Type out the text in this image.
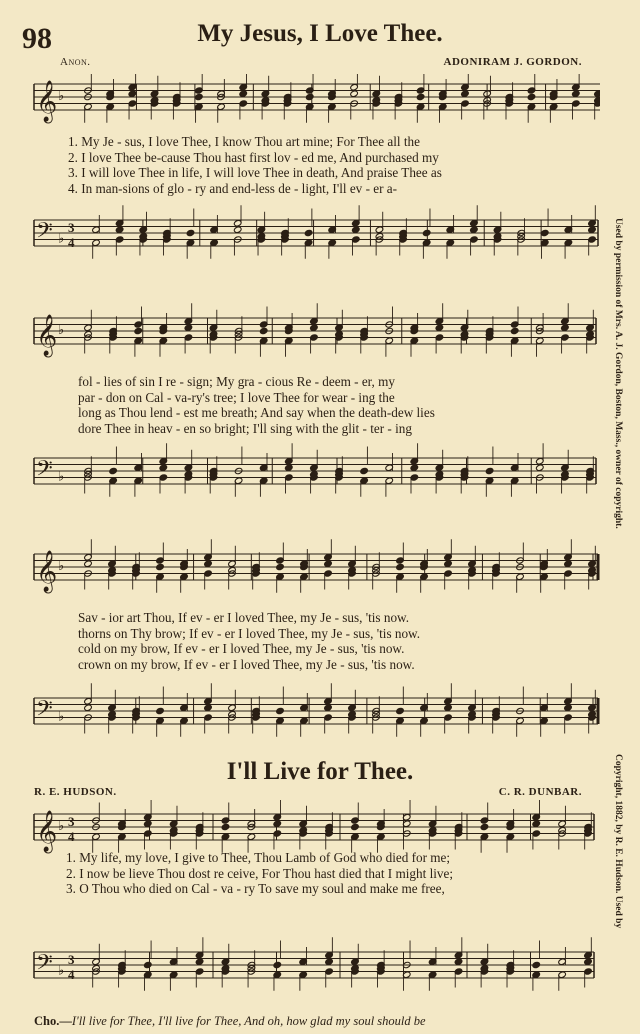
98	My Jesus, I Love Thee.
Anon.	ADONIRAM J. GORDON.
𝄞 ♭
1. My Je - sus, I love Thee, I know Thou art mine; For Thee all the
2. I love Thee be-cause Thou hast first lov - ed me, And purchased my
3. I will love Thee in life, I will love Thee in death, And praise Thee as
4. In man-sions of glo - ry and end-less de - light, I'll ev - er a-
𝄢 ♭
3
4
𝄞 ♭
fol - lies of sin I re - sign; My gra - cious Re - deem - er, my
par - don on Cal - va-ry's tree; I love Thee for wear - ing the
long as Thou lend - est me breath; And say when the death-dew lies
dore Thee in heav - en so bright; I'll sing with the glit - ter - ing
𝄢 ♭
𝄞 ♭
Sav - ior art Thou, If ev - er I loved Thee, my Je - sus, 'tis now.
thorns on Thy brow; If ev - er I loved Thee, my Je - sus, 'tis now.
cold on my brow, If ev - er I loved Thee, my Je - sus, 'tis now.
crown on my brow, If ev - er I loved Thee, my Je - sus, 'tis now.
𝄢 ♭
I'll Live for Thee.
R. E. HUDSON.	C. R. DUNBAR.
𝄞 ♭ 3
4
1. My life, my love, I give to Thee, Thou Lamb of God who died for me;
2. I now be lieve Thou dost re ceive, For Thou hast died that I might live;
3. O Thou who died on Cal - va - ry To save my soul and make me free,
𝄢 ♭
3
4
Cho.—I'll live for Thee, I'll live for Thee, And oh, how glad my soul should be
Used by permission of Mrs. A. J. Gordon, Boston, Mass., owner of copyright.
Copyright, 1882, by R. E. Hudson. Used by
